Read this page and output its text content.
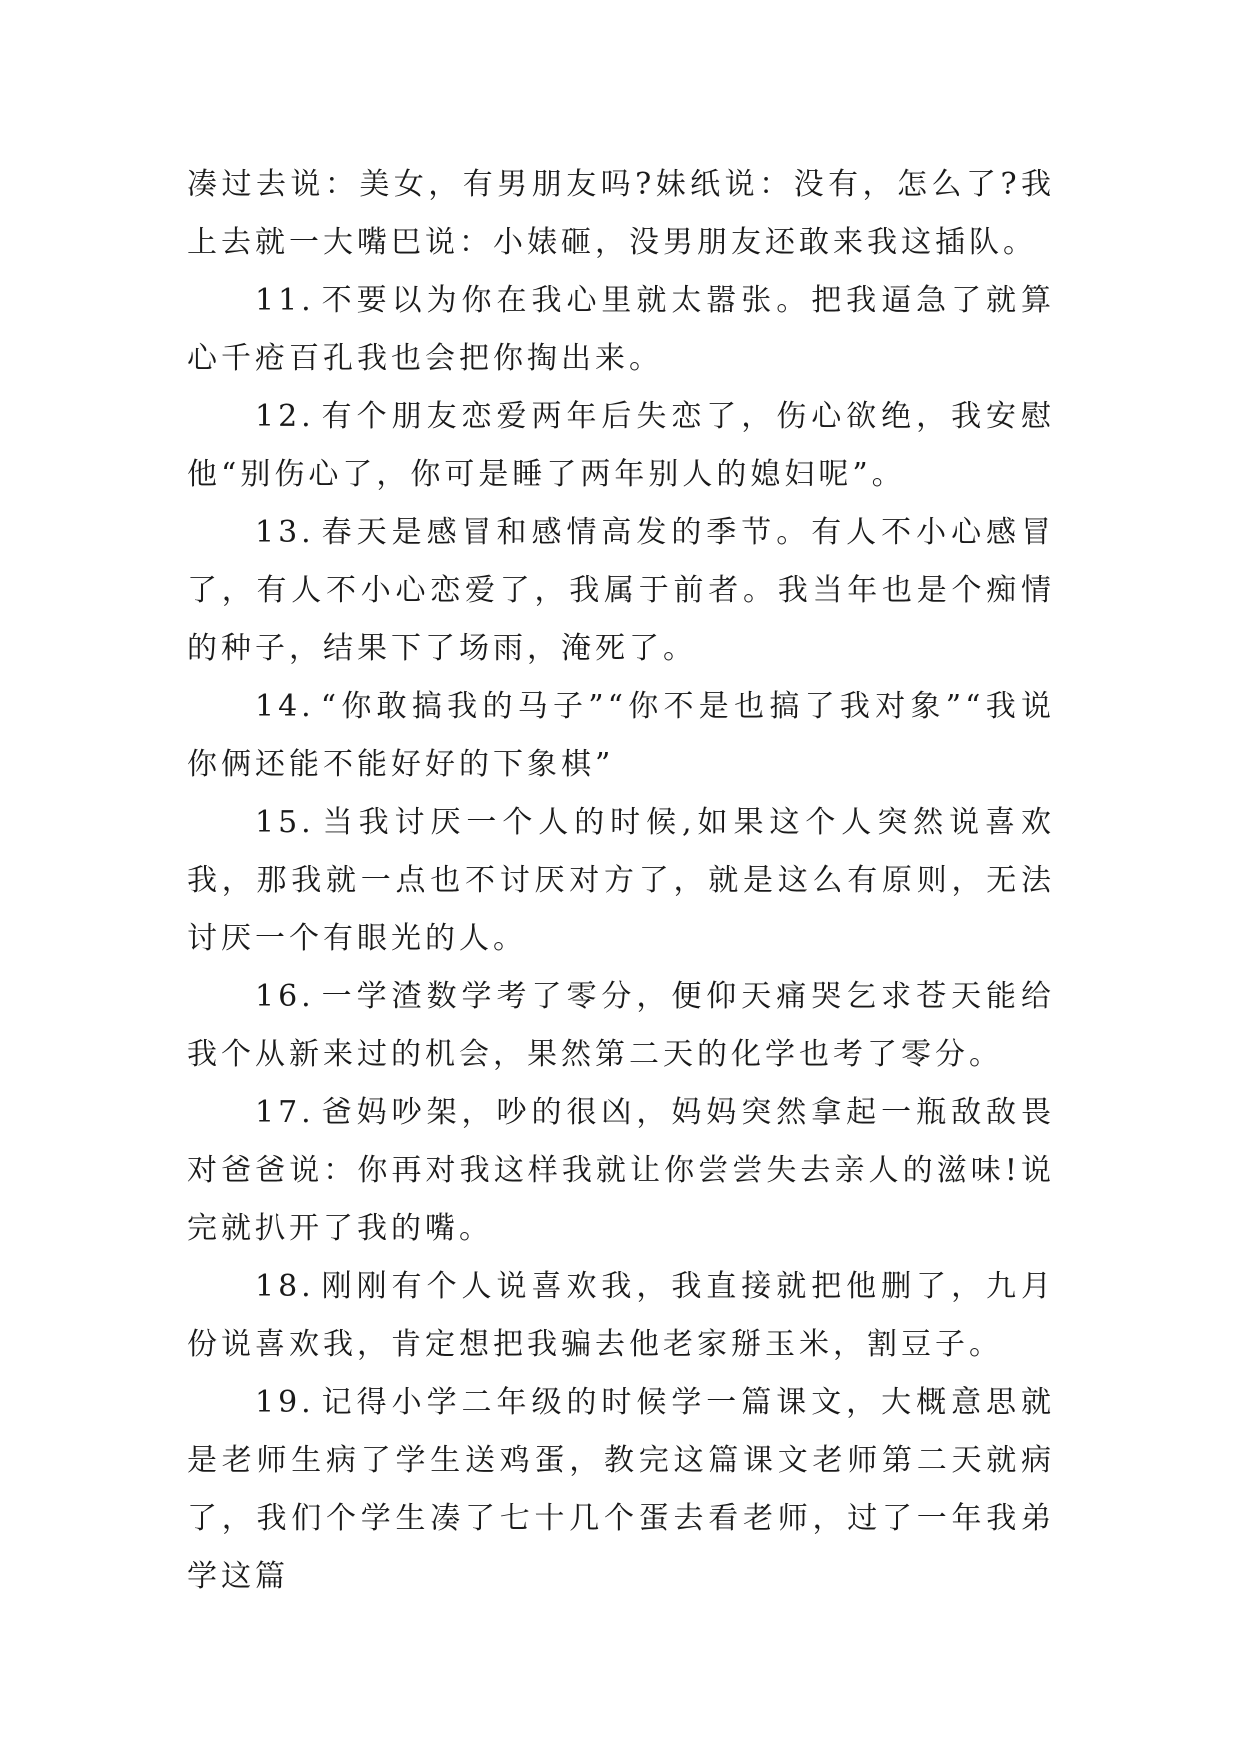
凑过去说：美女，有男朋友吗?妹纸说：没有，怎么了?我上去就一大嘴巴说：小婊砸，没男朋友还敢来我这插队。

11. 不要以为你在我心里就太嚣张。把我逼急了就算心千疮百孔我也会把你掏出来。

12. 有个朋友恋爱两年后失恋了，伤心欲绝，我安慰他“别伤心了，你可是睡了两年别人的媳妇呢”。

13. 春天是感冒和感情高发的季节。有人不小心感冒了，有人不小心恋爱了，我属于前者。我当年也是个痴情的种子，结果下了场雨，淹死了。

14. “你敢搞我的马子”“你不是也搞了我对象”“我说你俩还能不能好好的下象棋”

15. 当我讨厌一个人的时候,如果这个人突然说喜欢我，那我就一点也不讨厌对方了，就是这么有原则，无法讨厌一个有眼光的人。

16. 一学渣数学考了零分，便仰天痛哭乞求苍天能给我个从新来过的机会，果然第二天的化学也考了零分。

17. 爸妈吵架，吵的很凶，妈妈突然拿起一瓶敌敌畏对爸爸说：你再对我这样我就让你尝尝失去亲人的滋味!说完就扒开了我的嘴。

18. 刚刚有个人说喜欢我，我直接就把他删了，九月份说喜欢我，肯定想把我骗去他老家掰玉米，割豆子。

19. 记得小学二年级的时候学一篇课文，大概意思就是老师生病了学生送鸡蛋，教完这篇课文老师第二天就病了，我们个学生凑了七十几个蛋去看老师，过了一年我弟学这篇
